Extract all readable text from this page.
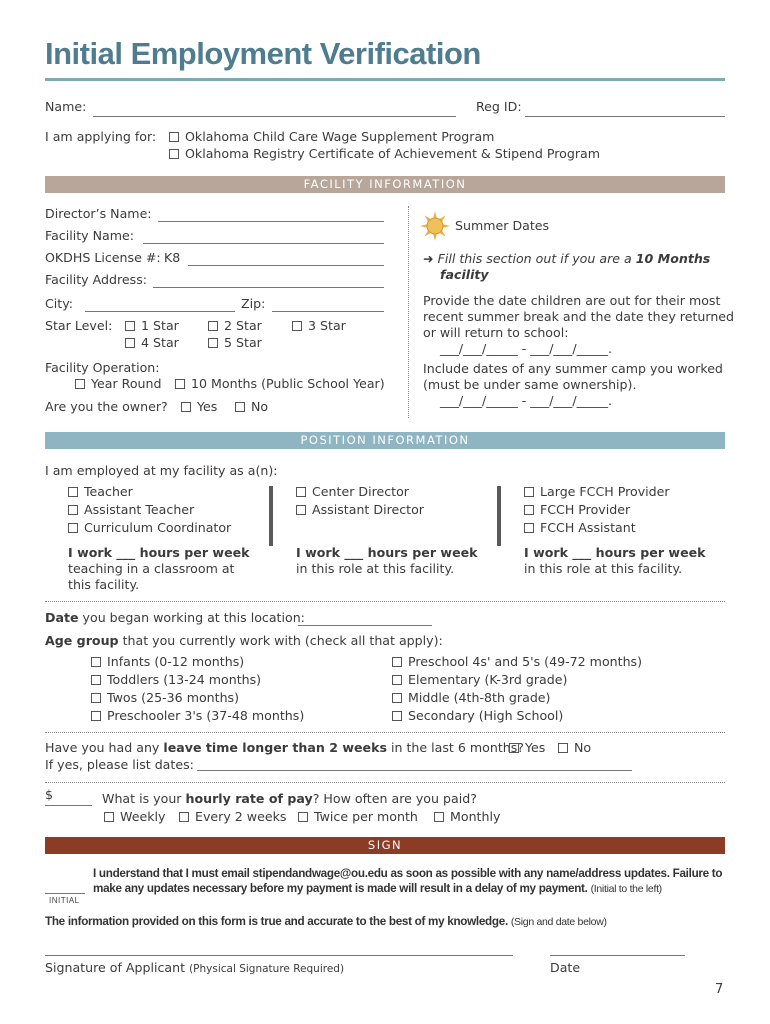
Initial Employment Verification
Name:	Reg ID:
I am applying for:	Oklahoma Child Care Wage Supplement Program
Oklahoma Registry Certificate of Achievement & Stipend Program
FACILITY INFORMATION
Director’s Name:
Facility Name:
OKDHS License #: K8
Facility Address:
City:	Zip:
Star Level:	1 Star	2 Star	3 Star
4 Star	5 Star
Facility Operation:
Year Round	10 Months (Public School Year)
Are you the owner?	Yes	No
Summer Dates
➜ Fill this section out if you are a 10 Months
facility
Provide the date children are out for their most
recent summer break and the date they returned
or will return to school:
___/___/_____ - ___/___/_____.
Include dates of any summer camp you worked
(must be under same ownership).
___/___/_____ - ___/___/_____.
POSITION INFORMATION
I am employed at my facility as a(n):
Teacher
Assistant Teacher
Curriculum Coordinator
I work ___ hours per week
teaching in a classroom at
this facility.
Center Director
Assistant Director
I work ___ hours per week
in this role at this facility.
Large FCCH Provider
FCCH Provider
FCCH Assistant
I work ___ hours per week
in this role at this facility.
Date you began working at this location:
Age group that you currently work with (check all that apply):
Infants (0-12 months)
Toddlers (13-24 months)
Twos (25-36 months)
Preschooler 3's (37-48 months)
Preschool 4s' and 5's (49-72 months)
Elementary (K-3rd grade)
Middle (4th-8th grade)
Secondary (High School)
Have you had any leave time longer than 2 weeks in the last 6 months? Yes	No
If yes, please list dates:
$	What is your hourly rate of pay? How often are you paid?
Weekly	Every 2 weeks	Twice per month	Monthly
SIGN
I understand that I must email stipendandwage@ou.edu as soon as possible with any name/address updates. Failure to
make any updates necessary before my payment is made will result in a delay of my payment. (Initial to the left)
INITIAL
The information provided on this form is true and accurate to the best of my knowledge. (Sign and date below)
Signature of Applicant (Physical Signature Required)	Date
7
